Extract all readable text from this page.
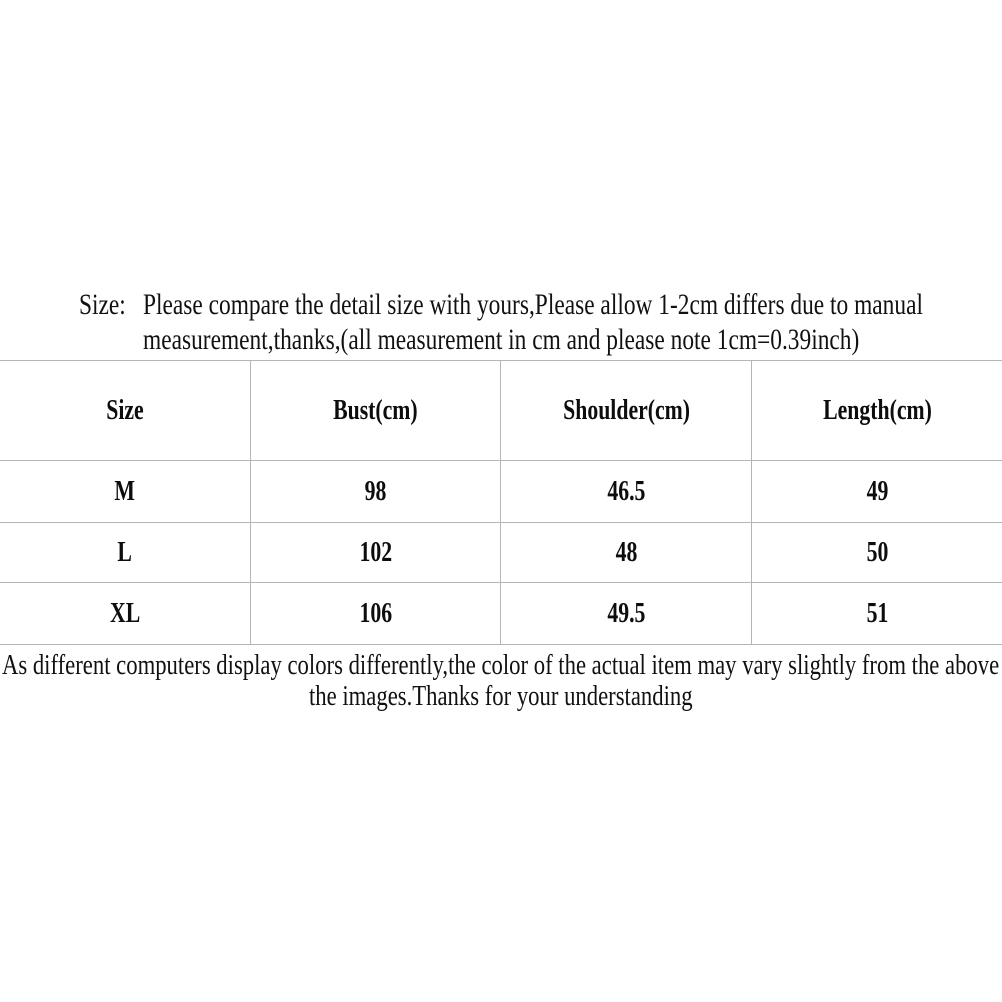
Size: Please compare the detail size with yours,Please allow 1-2cm differs due to manual
measurement,thanks,(all measurement in cm and please note 1cm=0.39inch)
Size	Bust(cm)	Shoulder(cm)	Length(cm)
M	98	46.5	49
L	102	48	50
XL	106	49.5	51
As different computers display colors differently,the color of the actual item may vary slightly from the above
the images.Thanks for your understanding
